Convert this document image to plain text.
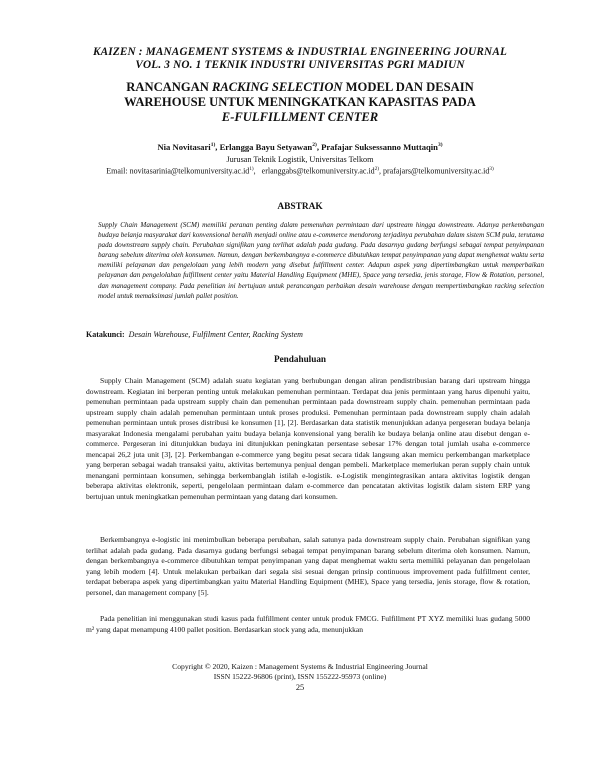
KAIZEN : MANAGEMENT SYSTEMS & INDUSTRIAL ENGINEERING JOURNAL
VOL. 3 NO. 1 TEKNIK INDUSTRI UNIVERSITAS PGRI MADIUN
RANCANGAN RACKING SELECTION MODEL DAN DESAIN
WAREHOUSE UNTUK MENINGKATKAN KAPASITAS PADA
E-FULFILLMENT CENTER
Nia Novitasari$^{1)}$, Erlangga Bayu Setyawan$^{2)}$, Prafajar Suksessanno Muttaqin$^{3)}$
Jurusan Teknik Logistik, Universitas Telkom
Email: $novitasarinia@telkomuniversity.ac.id^{1)}$,   $erlanggabs@telkomuniversity.ac.id^{2)}$, $prafajars@telkomuniversity.ac.id^{3)}$
ABSTRAK

Supply Chain Management (SCM) memiliki peranan penting dalam pemenuhan permintaan dari upstream hingga downstream. Adanya perkembangan budaya belanja masyarakat dari konvensional beralih menjadi online atau e-commerce mendorong terjadinya perubahan dalam sistem SCM pula, terutama pada downstream supply chain. Perubahan signifikan yang terlihat adalah pada gudang. Pada dasarnya gudang berfungsi sebagai tempat penyimpanan barang sebelum diterima oleh konsumen. Namun, dengan berkembangnya e-commerce dibutuhkan tempat penyimpanan yang dapat menghemat waktu serta memiliki pelayanan dan pengelolaan yang lebih modern yang disebut fulfillment center. Adapun aspek yang dipertimbangkan untuk memperbaikan pelayanan dan pengelolahan fulfillment center yaitu Material Handling Equipment (MHE), Space yang tersedia, jenis storage, Flow & Rotation, personel, dan management company. Pada penelitian ini bertujuan untuk perancangan perbaikan desain warehouse dengan mempertimbangkan racking selection model untuk memaksimasi jumlah pallet position.

Katakunci: Desain Warehouse, Fulfilment Center, Racking System
Pendahuluan

Supply Chain Management (SCM) adalah suatu kegiatan yang berhubungan dengan aliran pendistribusian barang dari upstream hingga downstream. Kegiatan ini berperan penting untuk melakukan pemenuhan permintaan. Terdapat dua jenis permintaan yang harus dipenuhi yaitu, pemenuhan permintaan pada upstream supply chain dan pemenuhan permintaan pada downstream supply chain. pemenuhan permintaan pada upstream supply chain adalah pemenuhan permintaan untuk proses produksi. Pemenuhan permintaan pada downstream supply chain adalah pemenuhan permintaan untuk proses distribusi ke konsumen [1], [2]. Berdasarkan data statistik menunjukkan adanya pergeseran budaya belanja masyarakat Indonesia mengalami perubahan yaitu budaya belanja konvensional yang beralih ke budaya belanja online atau disebut dengan e-commerce. Pergeseran ini ditunjukkan budaya ini ditunjukkan peningkatan persentase sebesar 17% dengan total jumlah usaha e-commerce mencapai 26,2 juta unit [3], [2]. Perkembangan e-commerce yang begitu pesat secara tidak langsung akan memicu perkembangan marketplace yang berperan sebagai wadah transaksi yaitu, aktivitas bertemunya penjual dengan pembeli. Marketplace memerlukan peran supply chain untuk menangani permintaan konsumen, sehingga berkembanglah istilah e-logistik. e-Logistik mengintegrasikan antara aktivitas logistik dengan beberapa aktivitas elektronik, seperti, pengelolaan permintaan dalam e-commerce dan pencatatan aktivitas logistik dalam sistem ERP yang bertujuan untuk meningkatkan pemenuhan permintaan yang datang dari konsumen.

Berkembangnya e-logistic ini menimbulkan beberapa perubahan, salah satunya pada downstream supply chain. Perubahan signifikan yang terlihat adalah pada gudang. Pada dasarnya gudang berfungsi sebagai tempat penyimpanan barang sebelum diterima oleh konsumen. Namun, dengan berkembangnya e-commerce dibutuhkan tempat penyimpanan yang dapat menghemat waktu serta memiliki pelayanan dan pengelolaan yang lebih modern [4]. Untuk melakukan perbaikan dari segala sisi sesuai dengan prinsip continuous improvement pada fulfillment center, terdapat beberapa aspek yang dipertimbangkan yaitu Material Handling Equipment (MHE), Space yang tersedia, jenis storage, flow & rotation, personel, dan management company [5].

Pada penelitian ini menggunakan studi kasus pada fulfillment center untuk produk FMCG. Fulfillment PT XYZ memiliki luas gudang 5000 m² yang dapat menampung 4100 pallet position. Berdasarkan stock yang ada, menunjukkan

Copyright © 2020, Kaizen : Management Systems & Industrial Engineering Journal
ISSN 15222-96806 (print), ISSN 155222-95973 (online)
25
